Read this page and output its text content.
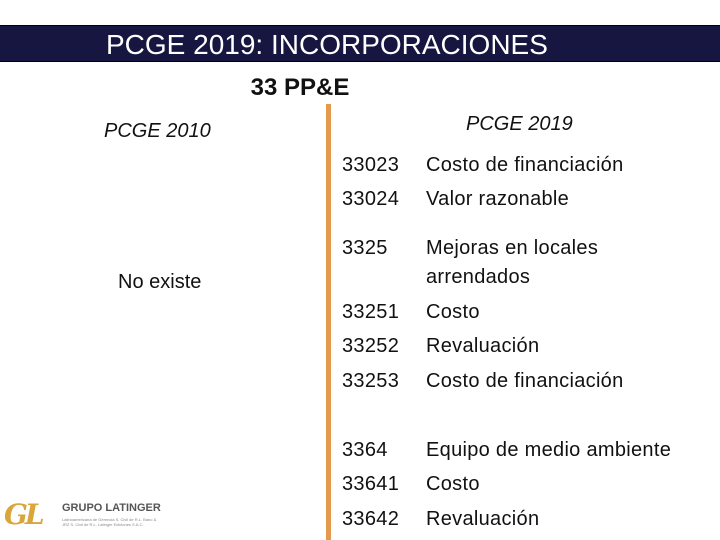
PCGE 2019: INCORPORACIONES
33 PP&E
PCGE 2010	PCGE 2019
No existe
33023 Costo de financiación
33024 Valor razonable
3325 Mejoras en locales
arrendados
33251 Costo
33252 Revaluación
33253 Costo de financiación
3364 Equipo de medio ambiente
33641 Costo
33642 Revaluación
GL GRUPO LATINGER
Latinoamericana de Gerencia S. Civil de R.L. Bano & JRZ S. Civil de R.L. Latinger Ediciones S.A.C.
